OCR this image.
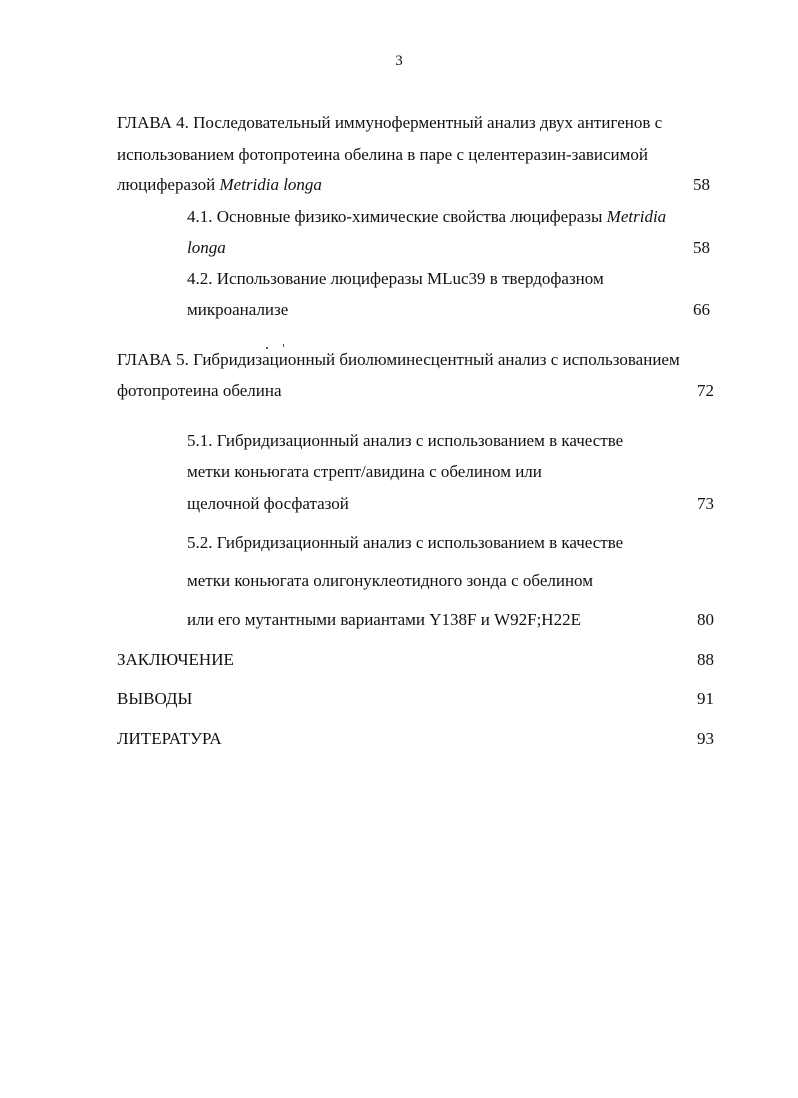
3
ГЛАВА 4. Последовательный иммуноферментный анализ двух антигенов с
использованием фотопротеина обелина в паре с целентеразин-зависимой
люциферазой Metridia longa	58
4.1. Основные физико-химические свойства люциферазы Metridia
longa	58
4.2. Использование люциферазы MLuc39 в твердофазном
микроанализе	66
ГЛАВА 5. Гибридизационный биолюминесцентный анализ с использованием
фотопротеина обелина	72
5.1. Гибридизационный анализ с использованием в качестве
метки коньюгата стрепт/авидина с обелином или
щелочной фосфатазой	73
5.2. Гибридизационный анализ с использованием в качестве
метки коньюгата олигонуклеотидного зонда с обелином
или его мутантными вариантами Y138F и W92F;H22E	80
ЗАКЛЮЧЕНИЕ	88
ВЫВОДЫ	91
ЛИТЕРАТУРА	93
